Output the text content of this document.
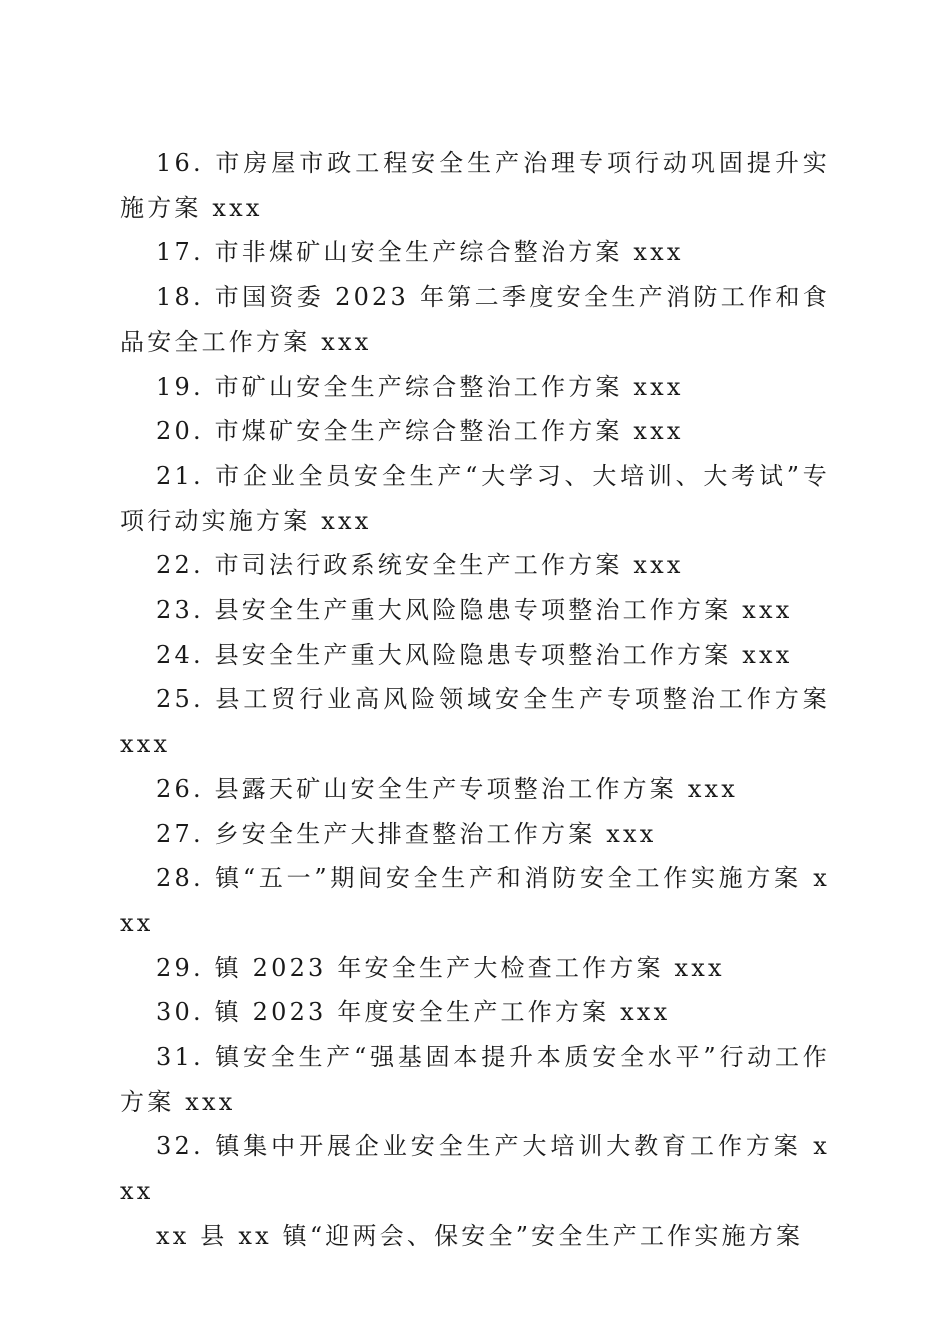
16. 市房屋市政工程安全生产治理专项行动巩固提升实施方案 xxx

17. 市非煤矿山安全生产综合整治方案 xxx

18. 市国资委 2023 年第二季度安全生产消防工作和食品安全工作方案 xxx

19. 市矿山安全生产综合整治工作方案 xxx

20. 市煤矿安全生产综合整治工作方案 xxx

21. 市企业全员安全生产“大学习、大培训、大考试”专项行动实施方案 xxx

22. 市司法行政系统安全生产工作方案 xxx

23. 县安全生产重大风险隐患专项整治工作方案 xxx

24. 县安全生产重大风险隐患专项整治工作方案 xxx

25. 县工贸行业高风险领域安全生产专项整治工作方案 xxx

26. 县露天矿山安全生产专项整治工作方案 xxx

27. 乡安全生产大排查整治工作方案 xxx

28. 镇“五一”期间安全生产和消防安全工作实施方案 xxx

29. 镇 2023 年安全生产大检查工作方案 xxx

30. 镇 2023 年度安全生产工作方案 xxx

31. 镇安全生产“强基固本提升本质安全水平”行动工作方案 xxx

32. 镇集中开展企业安全生产大培训大教育工作方案 xxx

xx 县 xx 镇“迎两会、保安全”安全生产工作实施方案
